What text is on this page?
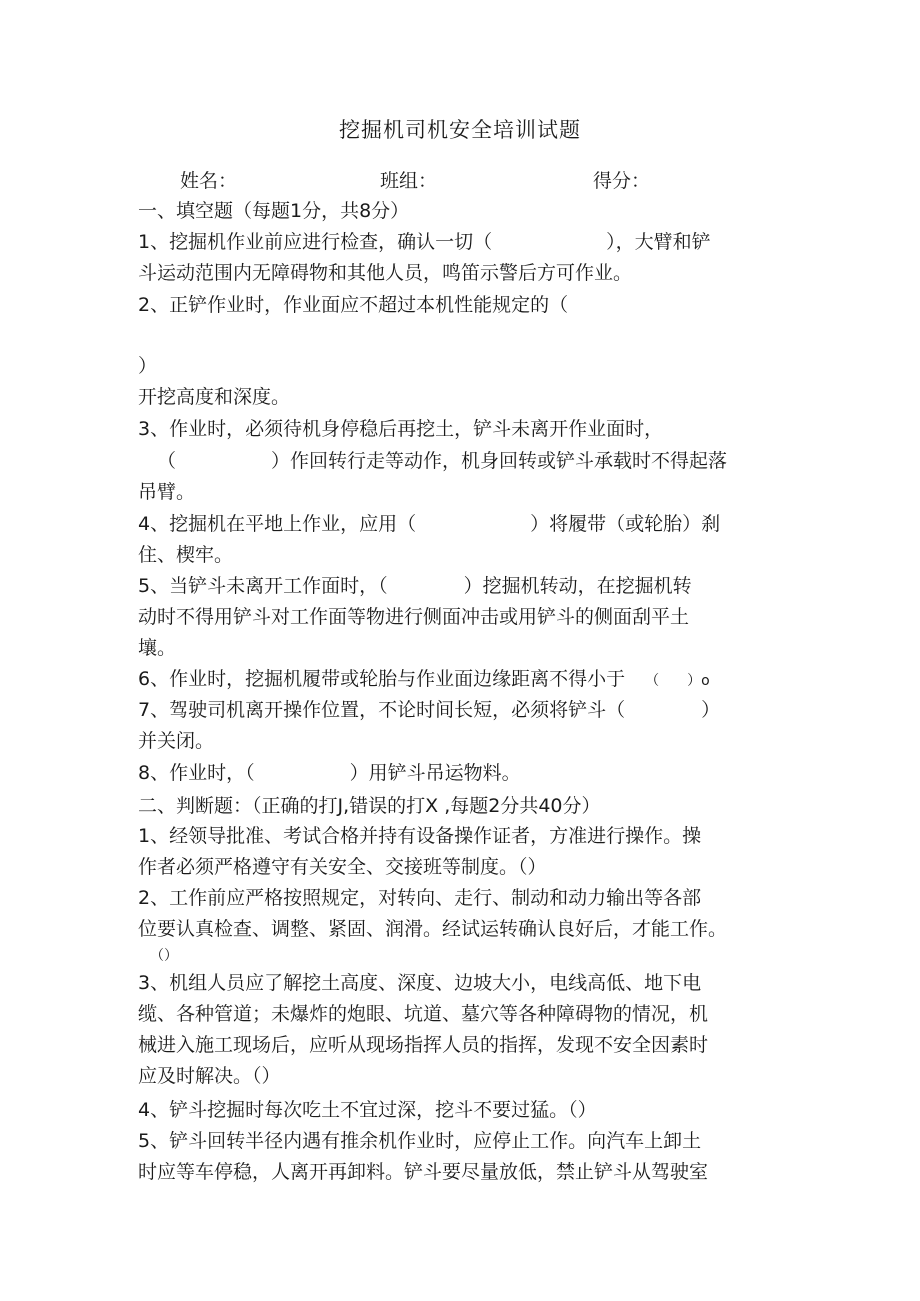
挖掘机司机安全培训试题
姓名：	班组：	得分：
一、填空题（每题1分，共8分）
1、挖掘机作业前应进行检查，确认一切（　　　　　　），大臂和铲
斗运动范围内无障碍物和其他人员，鸣笛示警后方可作业。
2、正铲作业时，作业面应不超过本机性能规定的（
）
开挖高度和深度。
3、作业时，必须待机身停稳后再挖土，铲斗未离开作业面时，
（　　　　　）作回转行走等动作，机身回转或铲斗承载时不得起落
吊臂。
4、挖掘机在平地上作业，应用（　　　　　　）将履带（或轮胎）刹
住、楔牢。
5、当铲斗未离开工作面时，（　　　　）挖掘机转动，在挖掘机转
动时不得用铲斗对工作面等物进行侧面冲击或用铲斗的侧面刮平土
壤。
6、作业时，挖掘机履带或轮胎与作业面边缘距离不得小于 （　　）o
7、驾驶司机离开操作位置，不论时间长短，必须将铲斗（　　　　）
并关闭。
8、作业时，（　　　　　）用铲斗吊运物料。
二、判断题：（正确的打J,错误的打X ,每题2分共40分）
1、经领导批准、考试合格并持有设备操作证者，方准进行操作。操
作者必须严格遵守有关安全、交接班等制度。（）
2、工作前应严格按照规定，对转向、走行、制动和动力输出等各部
位要认真检查、调整、紧固、润滑。经试运转确认良好后，才能工作。
（）
3、机组人员应了解挖土高度、深度、边坡大小，电线高低、地下电
缆、各种管道；未爆炸的炮眼、坑道、墓穴等各种障碍物的情况，机
械进入施工现场后，应听从现场指挥人员的指挥，发现不安全因素时
应及时解决。（）
4、铲斗挖掘时每次吃土不宜过深，挖斗不要过猛。（）
5、铲斗回转半径内遇有推余机作业时，应停止工作。向汽车上卸土
时应等车停稳，人离开再卸料。铲斗要尽量放低，禁止铲斗从驾驶室
